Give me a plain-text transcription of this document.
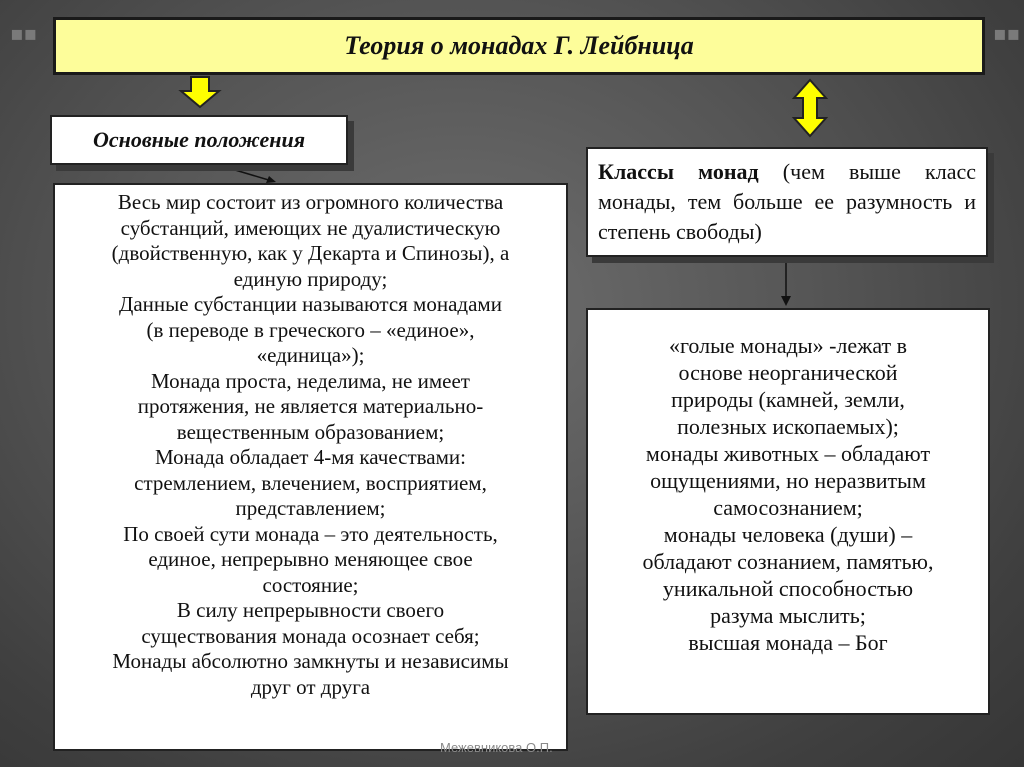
▪▪	▪▪
Теория о монадах Г. Лейбница
Основные положения
Весь мир состоит из огромного количества
субстанций, имеющих не дуалистическую
(двойственную, как у Декарта и Спинозы), а
единую природу;
Данные субстанции называются монадами
(в переводе в греческого – «единое»,
«единица»);
Монада проста, неделима, не имеет
протяжения, не является материально-
вещественным образованием;
Монада обладает 4-мя качествами:
стремлением, влечением, восприятием,
представлением;
По своей сути монада – это деятельность,
единое, непрерывно меняющее свое
состояние;
В силу непрерывности своего
существования монада осознает себя;
Монады абсолютно замкнуты и независимы
друг от друга
Классы монад (чем выше класс монады, тем больше ее разумность и степень свободы)
«голые монады» -лежат в
основе неорганической
природы (камней, земли,
полезных ископаемых);
монады животных – обладают
ощущениями, но неразвитым
самосознанием;
монады человека (души) –
обладают сознанием, памятью,
уникальной способностью
разума мыслить;
высшая монада – Бог
Межевникова О.П.
